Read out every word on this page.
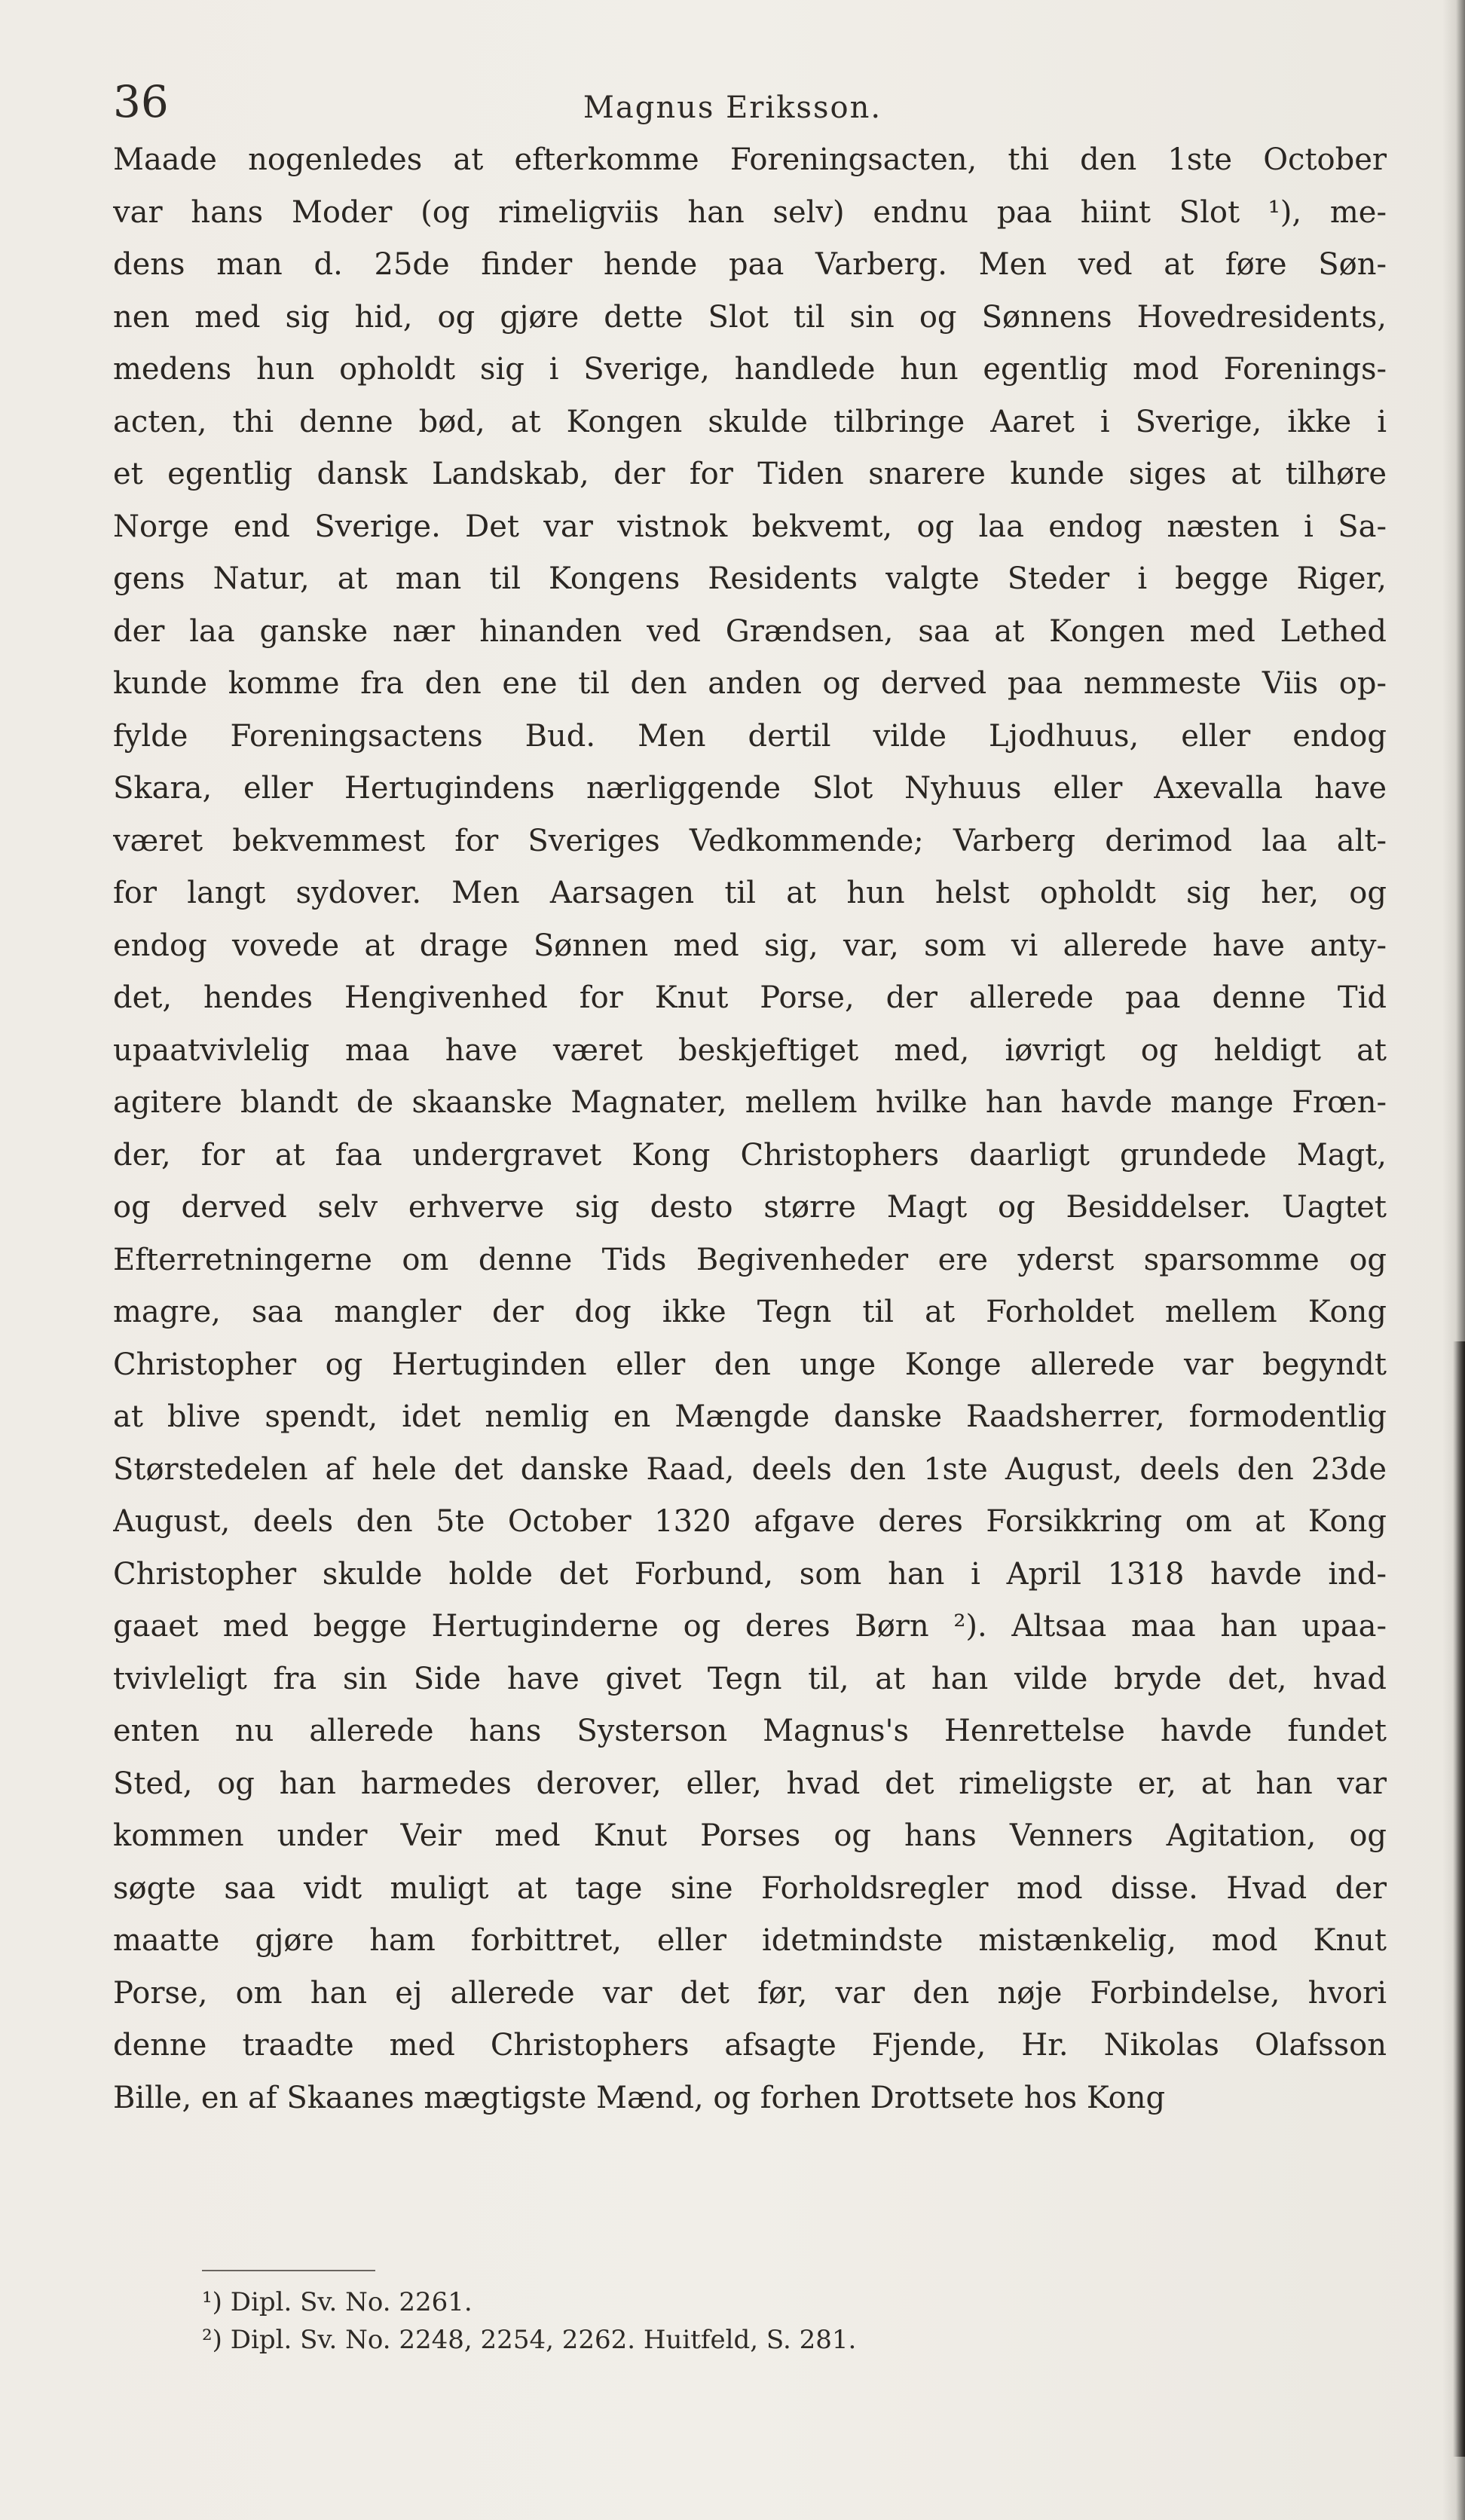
36	Magnus Eriksson.
Maade nogenledes at efterkomme Foreningsacten, thi den 1ste October
var hans Moder (og rimeligviis han selv) endnu paa hiint Slot ¹), me-
dens man d. 25de finder hende paa Varberg. Men ved at føre Søn-
nen med sig hid, og gjøre dette Slot til sin og Sønnens Hovedresidents,
medens hun opholdt sig i Sverige, handlede hun egentlig mod Forenings-
acten, thi denne bød, at Kongen skulde tilbringe Aaret i Sverige, ikke i
et egentlig dansk Landskab, der for Tiden snarere kunde siges at tilhøre
Norge end Sverige. Det var vistnok bekvemt, og laa endog næsten i Sa-
gens Natur, at man til Kongens Residents valgte Steder i begge Riger,
der laa ganske nær hinanden ved Grændsen, saa at Kongen med Lethed
kunde komme fra den ene til den anden og derved paa nemmeste Viis op-
fylde Foreningsactens Bud. Men dertil vilde Ljodhuus, eller endog
Skara, eller Hertugindens nærliggende Slot Nyhuus eller Axevalla have
været bekvemmest for Sveriges Vedkommende; Varberg derimod laa alt-
for langt sydover. Men Aarsagen til at hun helst opholdt sig her, og
endog vovede at drage Sønnen med sig, var, som vi allerede have anty-
det, hendes Hengivenhed for Knut Porse, der allerede paa denne Tid
upaatvivlelig maa have været beskjeftiget med, iøvrigt og heldigt at
agitere blandt de skaanske Magnater, mellem hvilke han havde mange Frœn-
der, for at faa undergravet Kong Christophers daarligt grundede Magt,
og derved selv erhverve sig desto større Magt og Besiddelser. Uagtet
Efterretningerne om denne Tids Begivenheder ere yderst sparsomme og
magre, saa mangler der dog ikke Tegn til at Forholdet mellem Kong
Christopher og Hertuginden eller den unge Konge allerede var begyndt
at blive spendt, idet nemlig en Mængde danske Raadsherrer, formodentlig
Størstedelen af hele det danske Raad, deels den 1ste August, deels den 23de
August, deels den 5te October 1320 afgave deres Forsikkring om at Kong
Christopher skulde holde det Forbund, som han i April 1318 havde ind-
gaaet med begge Hertuginderne og deres Børn ²). Altsaa maa han upaa-
tvivleligt fra sin Side have givet Tegn til, at han vilde bryde det, hvad
enten nu allerede hans Systerson Magnus's Henrettelse havde fundet
Sted, og han harmedes derover, eller, hvad det rimeligste er, at han var
kommen under Veir med Knut Porses og hans Venners Agitation, og
søgte saa vidt muligt at tage sine Forholdsregler mod disse. Hvad der
maatte gjøre ham forbittret, eller idetmindste mistænkelig, mod Knut
Porse, om han ej allerede var det før, var den nøje Forbindelse, hvori
denne traadte med Christophers afsagte Fjende, Hr. Nikolas Olafsson
Bille, en af Skaanes mægtigste Mænd, og forhen Drottsete hos Kong
¹) Dipl. Sv. No. 2261.
²) Dipl. Sv. No. 2248, 2254, 2262. Huitfeld, S. 281.
